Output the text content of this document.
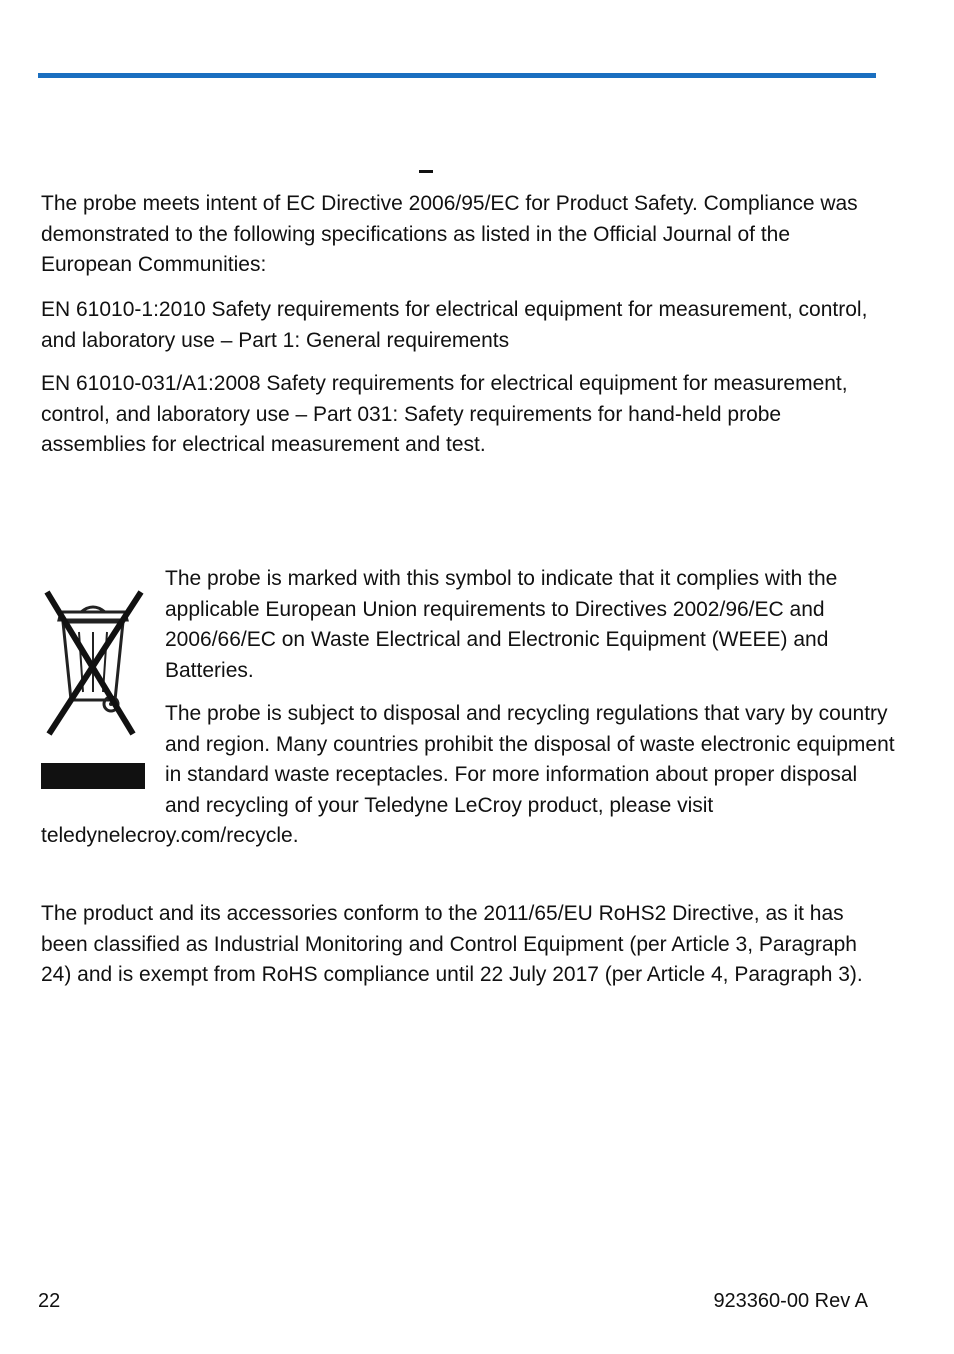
The probe meets intent of EC Directive 2006/95/EC for Product Safety. Compliance was demonstrated to the following specifications as listed in the Official Journal of the European Communities:

EN 61010-1:2010 Safety requirements for electrical equipment for measurement, control, and laboratory use – Part 1: General requirements

EN 61010-031/A1:2008 Safety requirements for electrical equipment for measurement, control, and laboratory use – Part 031: Safety requirements for hand-held probe assemblies for electrical measurement and test.

The probe is marked with this symbol to indicate that it complies with the applicable European Union requirements to Directives 2002/96/EC and 2006/66/EC on Waste Electrical and Electronic Equipment (WEEE) and Batteries.

The probe is subject to disposal and recycling regulations that vary by country and region. Many countries prohibit the disposal of waste electronic equipment in standard waste receptacles. For more information about proper disposal and recycling of your Teledyne LeCroy product, please visit teledynelecroy.com/recycle.

The product and its accessories conform to the 2011/65/EU RoHS2 Directive, as it has been classified as Industrial Monitoring and Control Equipment (per Article 3, Paragraph 24) and is exempt from RoHS compliance until 22 July 2017 (per Article 4, Paragraph 3).

22	923360-00 Rev A
